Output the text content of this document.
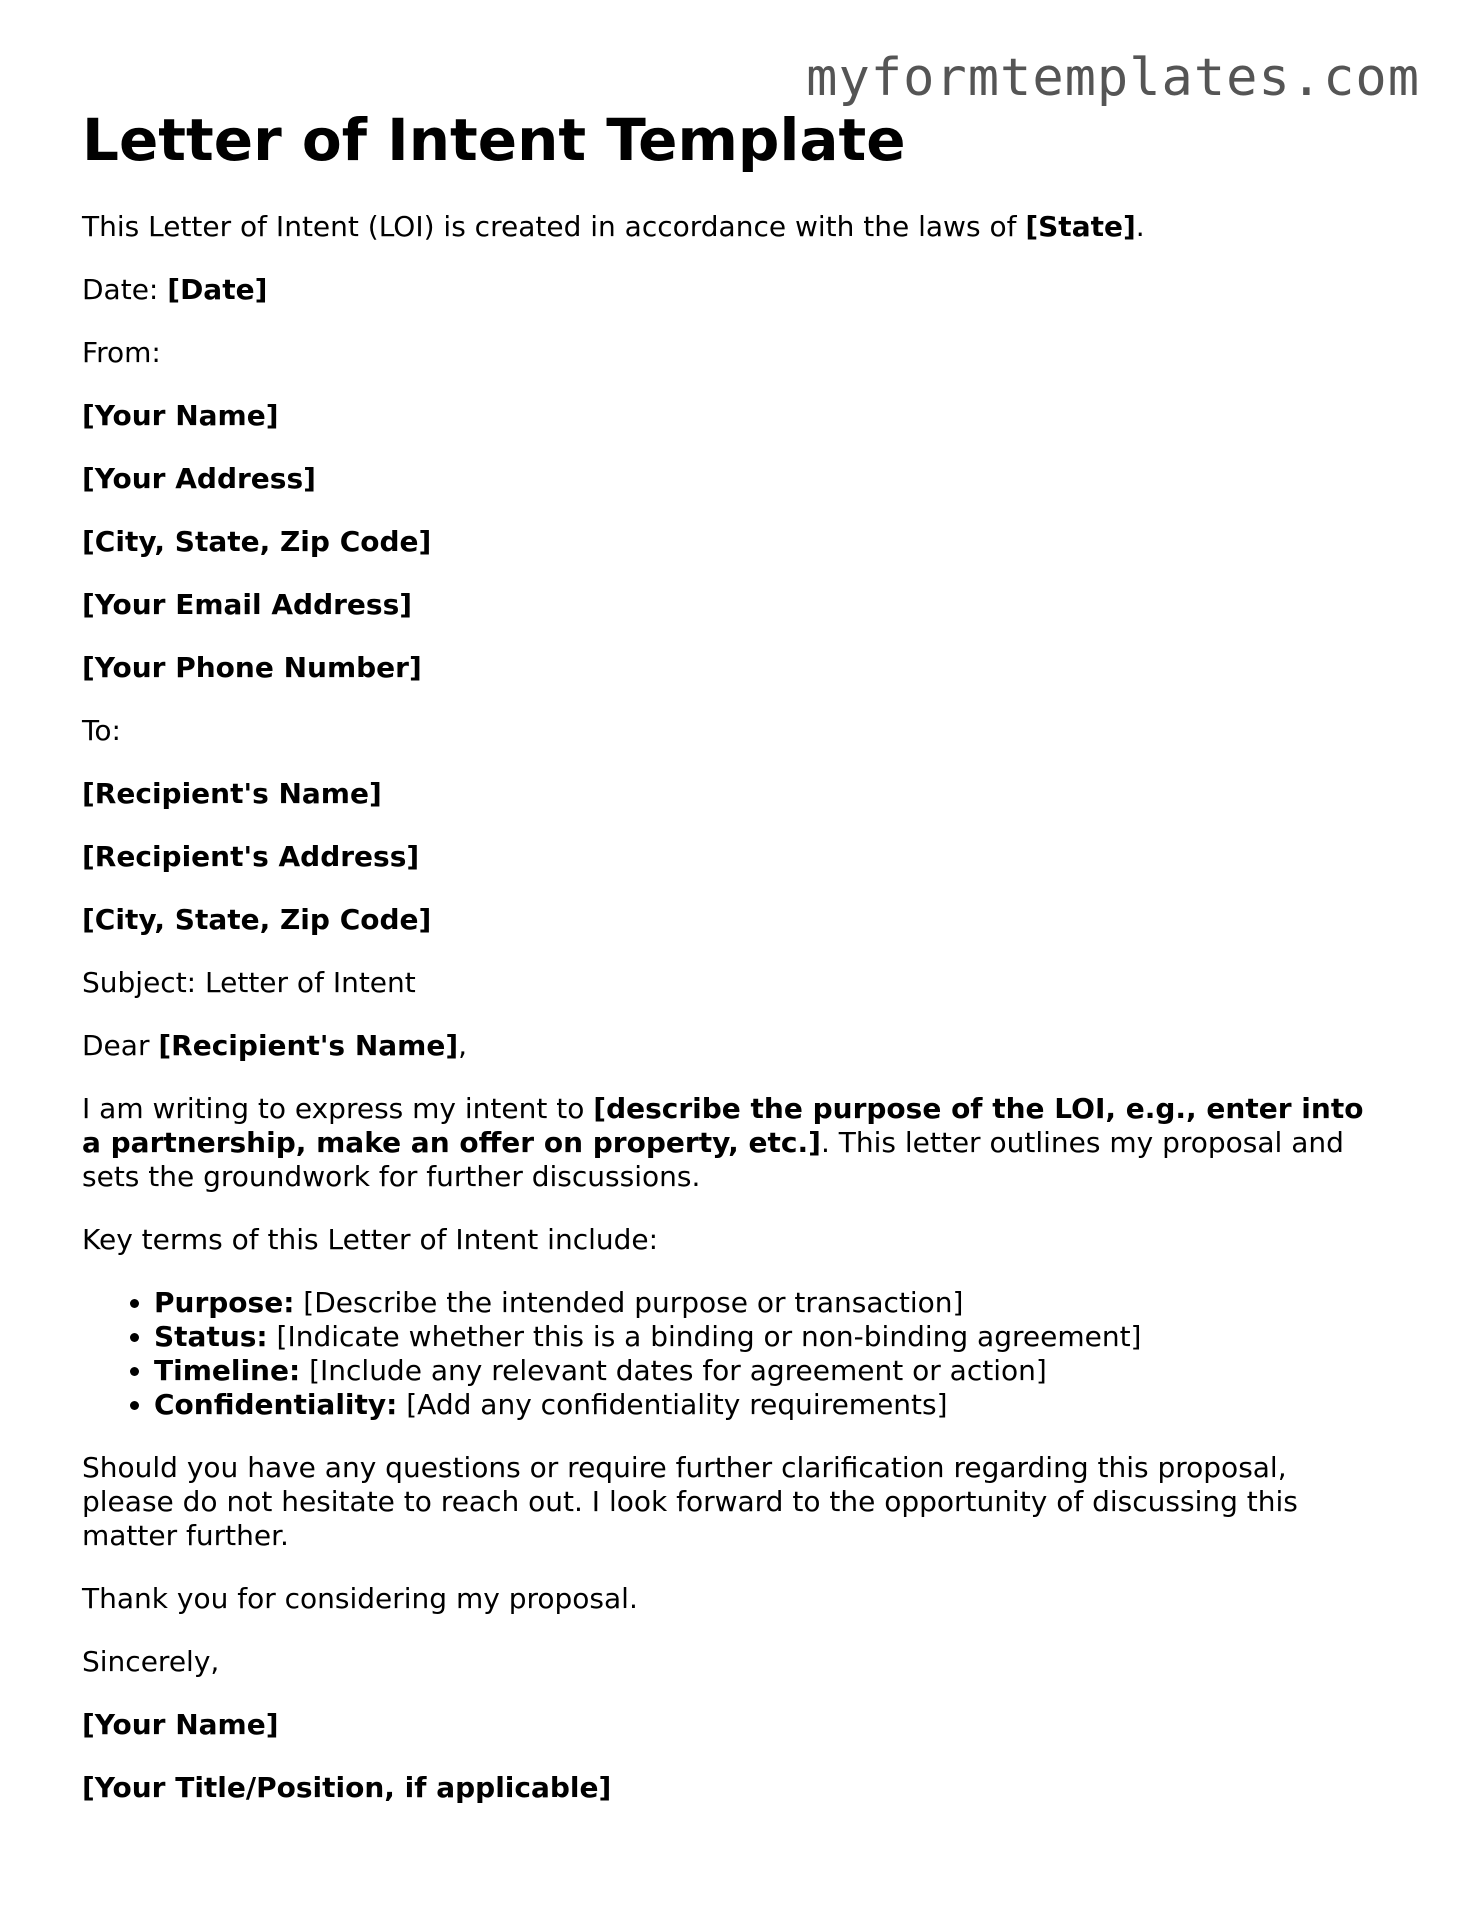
myformtemplates.com
Letter of Intent Template

This Letter of Intent (LOI) is created in accordance with the laws of [State].

Date: [Date]

From:

[Your Name]

[Your Address]

[City, State, Zip Code]

[Your Email Address]

[Your Phone Number]

To:

[Recipient's Name]

[Recipient's Address]

[City, State, Zip Code]

Subject: Letter of Intent

Dear [Recipient's Name],

I am writing to express my intent to [describe the purpose of the LOI, e.g., enter into a partnership, make an offer on property, etc.]. This letter outlines my proposal and sets the groundwork for further discussions.

Key terms of this Letter of Intent include:

• Purpose: [Describe the intended purpose or transaction]
• Status: [Indicate whether this is a binding or non-binding agreement]
• Timeline: [Include any relevant dates for agreement or action]
• Confidentiality: [Add any confidentiality requirements]

Should you have any questions or require further clarification regarding this proposal, please do not hesitate to reach out. I look forward to the opportunity of discussing this matter further.

Thank you for considering my proposal.

Sincerely,

[Your Name]

[Your Title/Position, if applicable]
